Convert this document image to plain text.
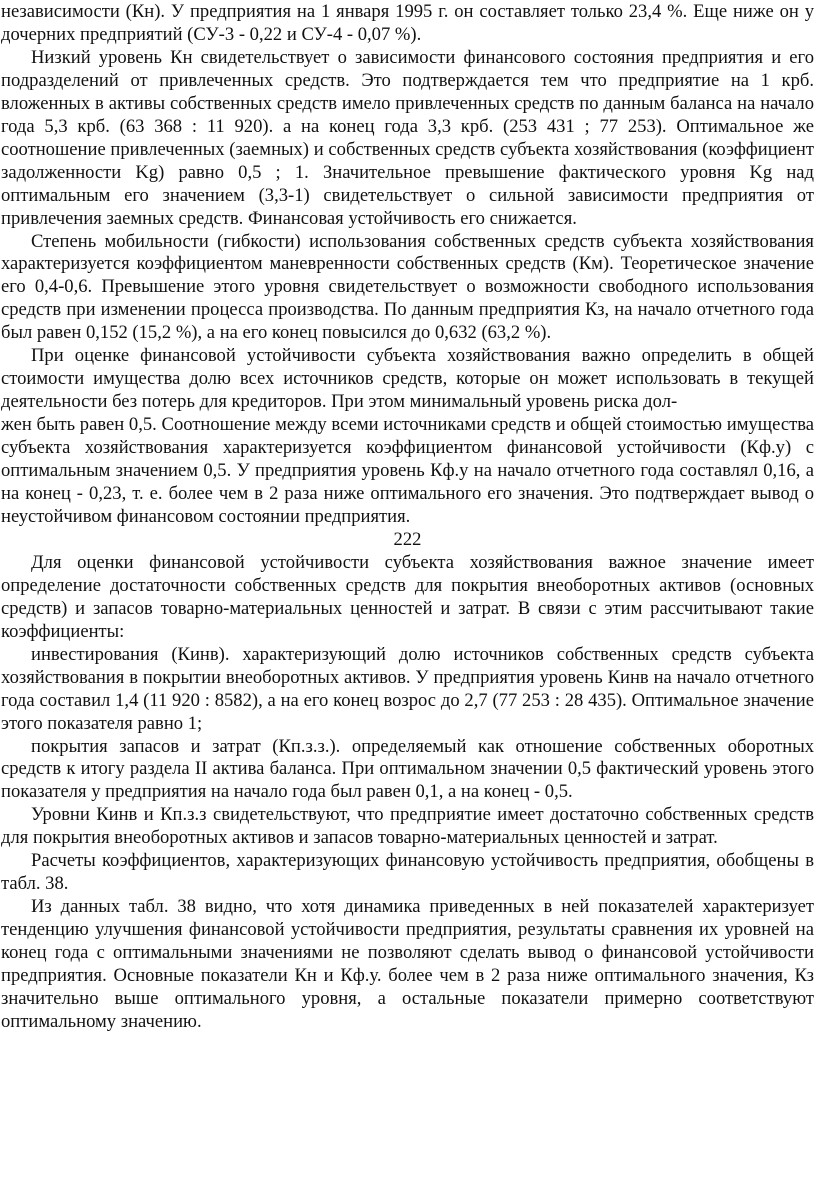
независимости (Кн). У предприятия на 1 января 1995 г. он составляет только 23,4 %. Еще ниже он у дочерних предприятий (СУ-3 - 0,22 и СУ-4 - 0,07 %).

Низкий уровень Кн свидетельствует о зависимости финансового состояния предприятия и его подразделений от привлеченных средств. Это подтверждается тем что предприятие на 1 крб. вложенных в активы собственных средств имело привлеченных средств по данным баланса на начало года 5,3 крб. (63 368 : 11 920). а на конец года 3,3 крб. (253 431 ; 77 253). Оптимальное же соотношение привлеченных (заемных) и собственных средств субъекта хозяйствования (коэффициент задолженности Kg) равно 0,5 ; 1. Значительное превышение фактического уровня Kg над оптимальным его значением (3,3-1) свидетельствует о сильной зависимости предприятия от привлечения заемных средств. Финансовая устойчивость его снижается.

Степень мобильности (гибкости) использования собственных средств субъекта хозяйствования характеризуется коэффициентом маневренности собственных средств (Км). Теоретическое значение его 0,4-0,6. Превышение этого уровня свидетельствует о возможности свободного использования средств при изменении процесса производства. По данным предприятия Кз, на начало отчетного года был равен 0,152 (15,2 %), а на его конец повысился до 0,632 (63,2 %).

При оценке финансовой устойчивости субъекта хозяйствования важно определить в общей стоимости имущества долю всех источников средств, которые он может использовать в текущей деятельности без потерь для кредиторов. При этом минимальный уровень риска дол-
жен быть равен 0,5. Соотношение между всеми источниками средств и общей стоимостью имущества субъекта хозяйствования характеризуется коэффициентом финансовой устойчивости (Кф.у) с оптимальным значением 0,5. У предприятия уровень Кф.у на начало отчетного года составлял 0,16, а на конец - 0,23, т. е. более чем в 2 раза ниже оптимального его значения. Это подтверждает вывод о неустойчивом финансовом состоянии предприятия.

222

Для оценки финансовой устойчивости субъекта хозяйствования важное значение имеет определение достаточности собственных средств для покрытия внеоборотных активов (основных средств) и запасов товарно-материальных ценностей и затрат. В связи с этим рассчитывают такие коэффициенты:

инвестирования (Кинв). характеризующий долю источников собственных средств субъекта хозяйствования в покрытии внеоборотных активов. У предприятия уровень Кинв на начало отчетного года составил 1,4 (11 920 : 8582), а на его конец возрос до 2,7 (77 253 : 28 435). Оптимальное значение этого показателя равно 1;

покрытия запасов и затрат (Кп.з.з.). определяемый как отношение собственных оборотных средств к итогу раздела II актива баланса. При оптимальном значении 0,5 фактический уровень этого показателя у предприятия на начало года был равен 0,1, а на конец - 0,5.

Уровни Кинв и Кп.з.з свидетельствуют, что предприятие имеет достаточно собственных средств для покрытия внеоборотных активов и запасов товарно-материальных ценностей и затрат.

Расчеты коэффициентов, характеризующих финансовую устойчивость предприятия, обобщены в табл. 38.

Из данных табл. 38 видно, что хотя динамика приведенных в ней показателей характеризует тенденцию улучшения финансовой устойчивости предприятия, результаты сравнения их уровней на конец года с оптимальными значениями не позволяют сделать вывод о финансовой устойчивости предприятия. Основные показатели Кн и Кф.у. более чем в 2 раза ниже оптимального значения, Кз значительно выше оптимального уровня, а остальные показатели примерно соответствуют оптимальному значению.
